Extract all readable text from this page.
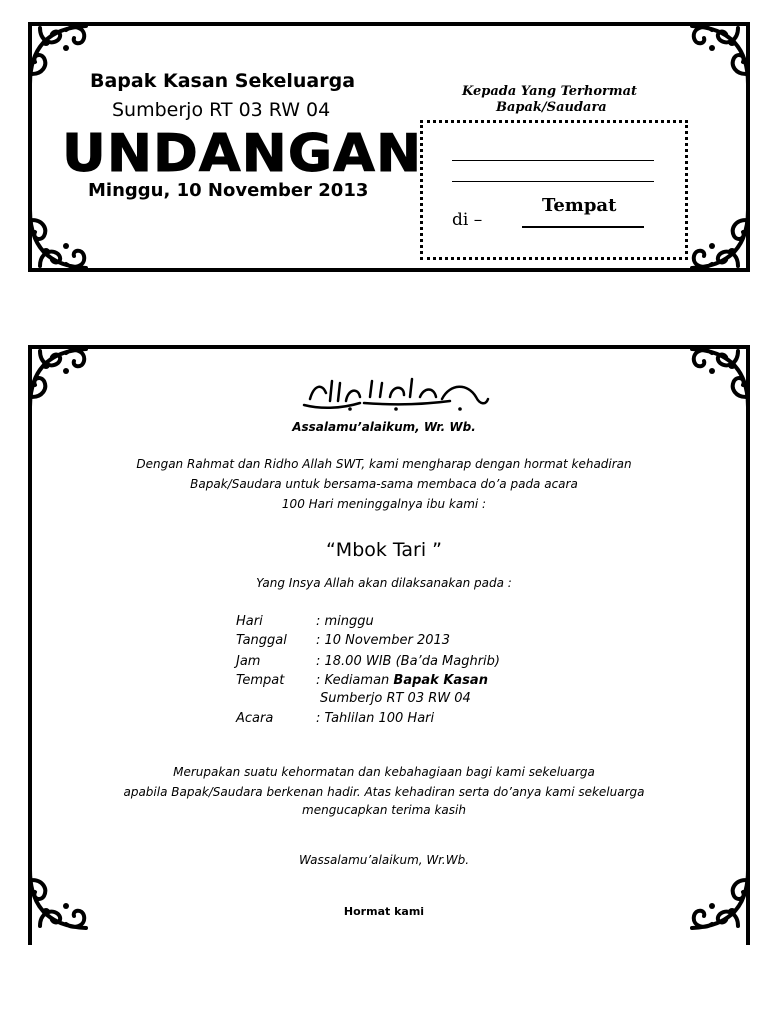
Bapak Kasan Sekeluarga
Sumberjo RT 03 RW 04
UNDANGAN
Minggu, 10 November 2013
Kepada Yang Terhormat
Bapak/Saudara
di –
Tempat
Assalamu’alaikum, Wr. Wb.
Dengan Rahmat dan Ridho Allah SWT, kami mengharap dengan hormat kehadiran
Bapak/Saudara untuk bersama-sama membaca do’a pada acara
100 Hari meninggalnya ibu kami :
“Mbok Tari ”
Yang Insya Allah akan dilaksanakan pada :
Hari	: minggu
Tanggal : 10 November 2013
Jam	: 18.00 WIB (Ba’da Maghrib)
Tempat : Kediaman Bapak Kasan
Sumberjo RT 03 RW 04
Acara	: Tahlilan 100 Hari
Merupakan suatu kehormatan dan kebahagiaan bagi kami sekeluarga
apabila Bapak/Saudara berkenan hadir. Atas kehadiran serta do’anya kami sekeluarga
mengucapkan terima kasih
Wassalamu’alaikum, Wr.Wb.
Hormat kami
